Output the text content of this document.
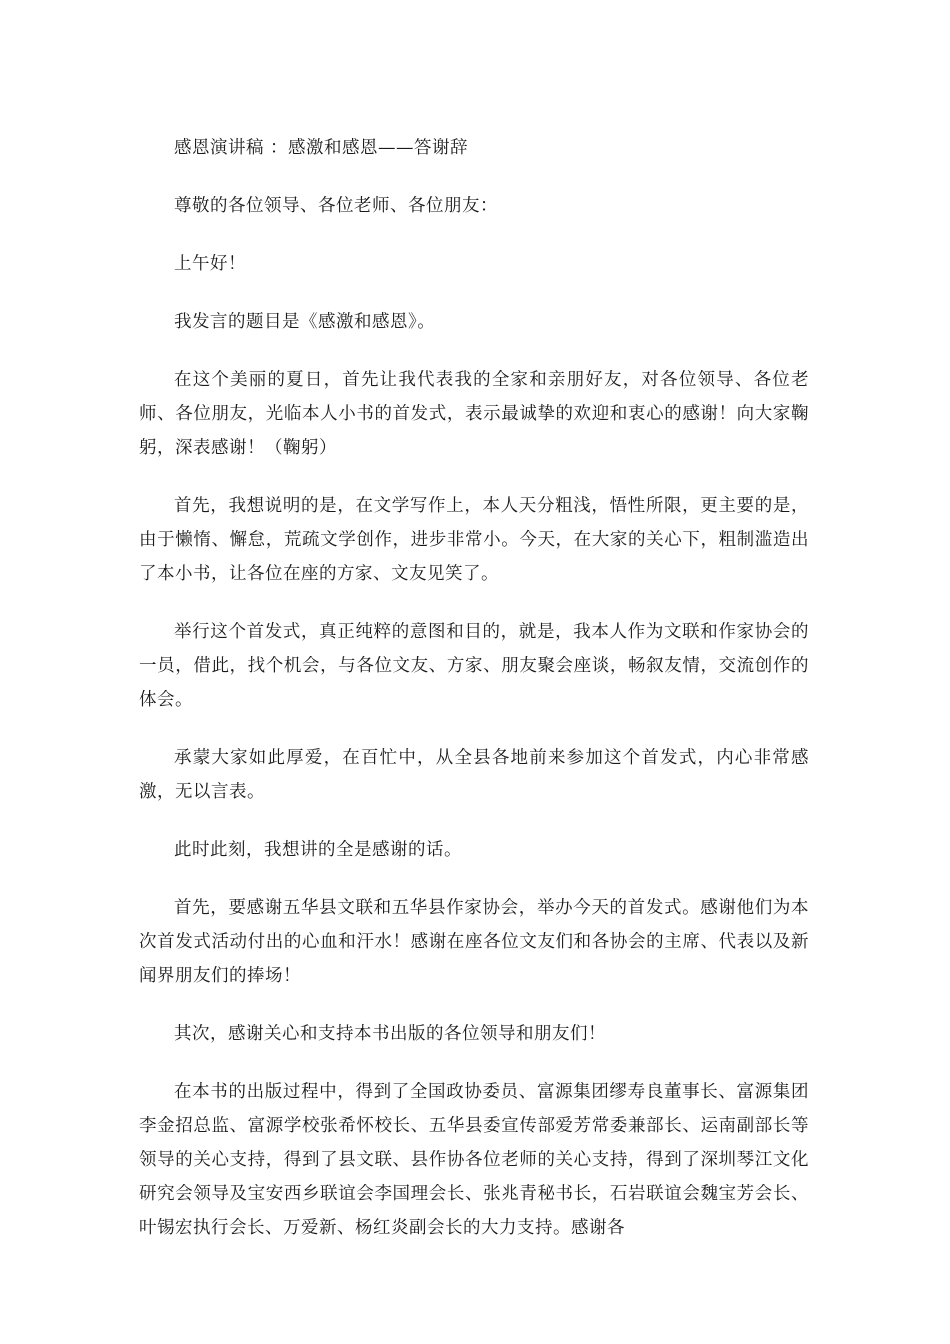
感恩演讲稿 ：感激和感恩——答谢辞

尊敬的各位领导、各位老师、各位朋友：

上午好！

我发言的题目是《感激和感恩》。

在这个美丽的夏日，首先让我代表我的全家和亲朋好友，对各位领导、各位老师、各位朋友，光临本人小书的首发式，表示最诚挚的欢迎和衷心的感谢！向大家鞠躬，深表感谢！（鞠躬）

首先，我想说明的是，在文学写作上，本人天分粗浅，悟性所限，更主要的是，由于懒惰、懈怠，荒疏文学创作，进步非常小。今天，在大家的关心下，粗制滥造出了本小书，让各位在座的方家、文友见笑了。

举行这个首发式，真正纯粹的意图和目的，就是，我本人作为文联和作家协会的一员，借此，找个机会，与各位文友、方家、朋友聚会座谈，畅叙友情，交流创作的体会。

承蒙大家如此厚爱，在百忙中，从全县各地前来参加这个首发式，内心非常感激，无以言表。

此时此刻，我想讲的全是感谢的话。

首先，要感谢五华县文联和五华县作家协会，举办今天的首发式。感谢他们为本次首发式活动付出的心血和汗水！感谢在座各位文友们和各协会的主席、代表以及新闻界朋友们的捧场！

其次，感谢关心和支持本书出版的各位领导和朋友们！

在本书的出版过程中，得到了全国政协委员、富源集团缪寿良董事长、富源集团李金招总监、富源学校张希怀校长、五华县委宣传部爱芳常委兼部长、运南副部长等领导的关心支持，得到了县文联、县作协各位老师的关心支持，得到了深圳琴江文化研究会领导及宝安西乡联谊会李国理会长、张兆青秘书长，石岩联谊会魏宝芳会长、叶锡宏执行会长、万爱新、杨红炎副会长的大力支持。感谢各
